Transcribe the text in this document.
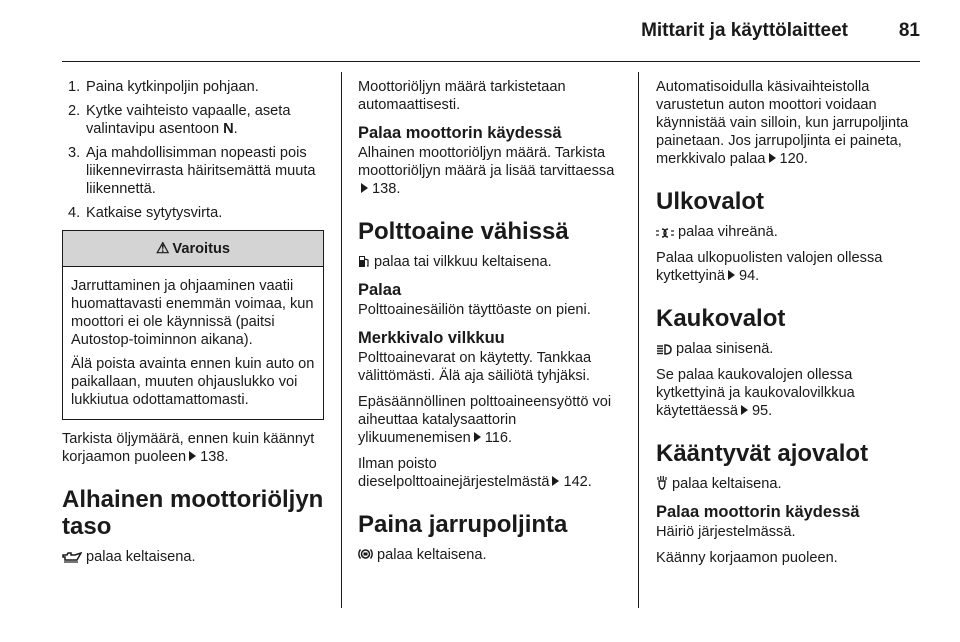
Mittarit ja käyttölaitteet	81
1. Paina kytkinpoljin pohjaan.
2. Kytke vaihteisto vapaalle, aseta valintavipu asentoon N.
3. Aja mahdollisimman nopeasti pois liikennevirrasta häiritsemättä muuta liikennettä.
4. Katkaise sytytysvirta.
⚠ Varoitus

Jarruttaminen ja ohjaaminen vaatii huomattavasti enemmän voimaa, kun moottori ei ole käynnissä (paitsi Autostop-toiminnon aikana).

Älä poista avainta ennen kuin auto on paikallaan, muuten ohjauslukko voi lukkiutua odottamattomasti.

Tarkista öljymäärä, ennen kuin käännyt korjaamon puoleen 138.

Alhainen moottoriöljyn taso

palaa keltaisena.

Moottoriöljyn määrä tarkistetaan automaattisesti.

Palaa moottorin käydessä

Alhainen moottoriöljyn määrä. Tarkista moottoriöljyn määrä ja lisää tarvittaessa138.

Polttoaine vähissä

palaa tai vilkkuu keltaisena.

Palaa

Polttoainesäiliön täyttöaste on pieni.

Merkkivalo vilkkuu

Polttoainevarat on käytetty. Tankkaa välittömästi. Älä aja säiliötä tyhjäksi.

Epäsäännöllinen polttoaineensyöttö voi aiheuttaa katalysaattorin ylikuumenemisen 116.

Ilman poisto dieselpolttoainejärjestelmästä 142.

Paina jarrupoljinta

palaa keltaisena.

Automatisoidulla käsivaihteistolla varustetun auton moottori voidaan käynnistää vain silloin, kun jarrupoljinta painetaan. Jos jarrupoljinta ei paineta, merkkivalo palaa 120.

Ulkovalot

palaa vihreänä.

Palaa ulkopuolisten valojen ollessa kytkettyinä 94.

Kaukovalot

palaa sinisenä.

Se palaa kaukovalojen ollessa kytkettyinä ja kaukovalovilkkua käytettäessä 95.

Kääntyvät ajovalot

palaa keltaisena.

Palaa moottorin käydessä

Häiriö järjestelmässä.

Käänny korjaamon puoleen.
